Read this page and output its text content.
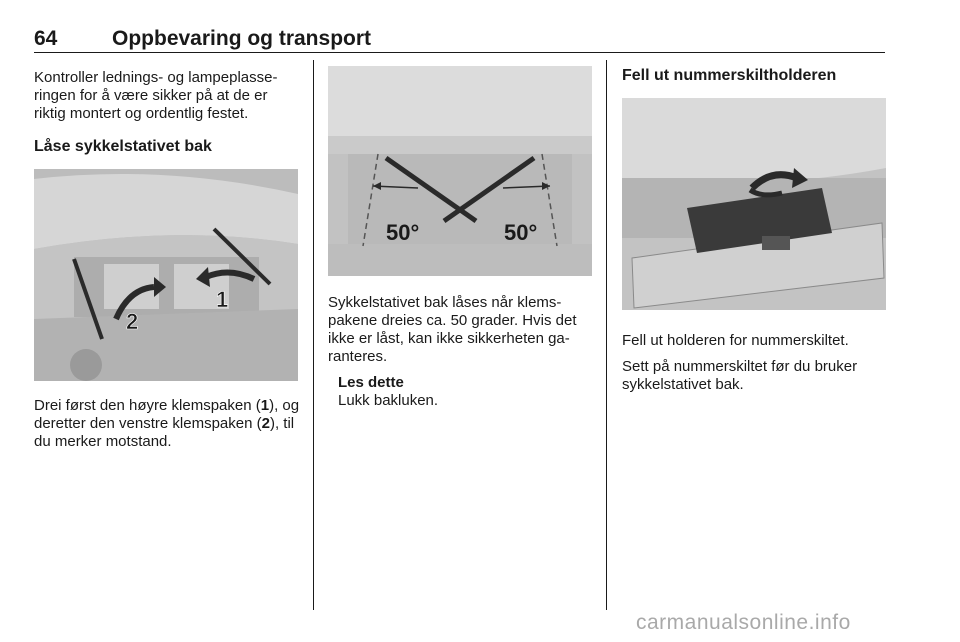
64	Oppbevaring og transport

Kontroller lednings- og lampeplasse-ringen for å være sikker på at de er riktig montert og ordentlig festet.

Låse sykkelstativet bak
2
1

Drei først den høyre klemspaken (1), og deretter den venstre klemspaken (2), til du merker motstand.

50°	50°

Sykkelstativet bak låses når klems-pakene dreies ca. 50 grader. Hvis det ikke er låst, kan ikke sikkerheten ga-ranteres.

Les dette

Lukk bakluken.

Fell ut nummerskiltholderen

Fell ut holderen for nummerskiltet.

Sett på nummerskiltet før du bruker sykkelstativet bak.

carmanualsonline.info
